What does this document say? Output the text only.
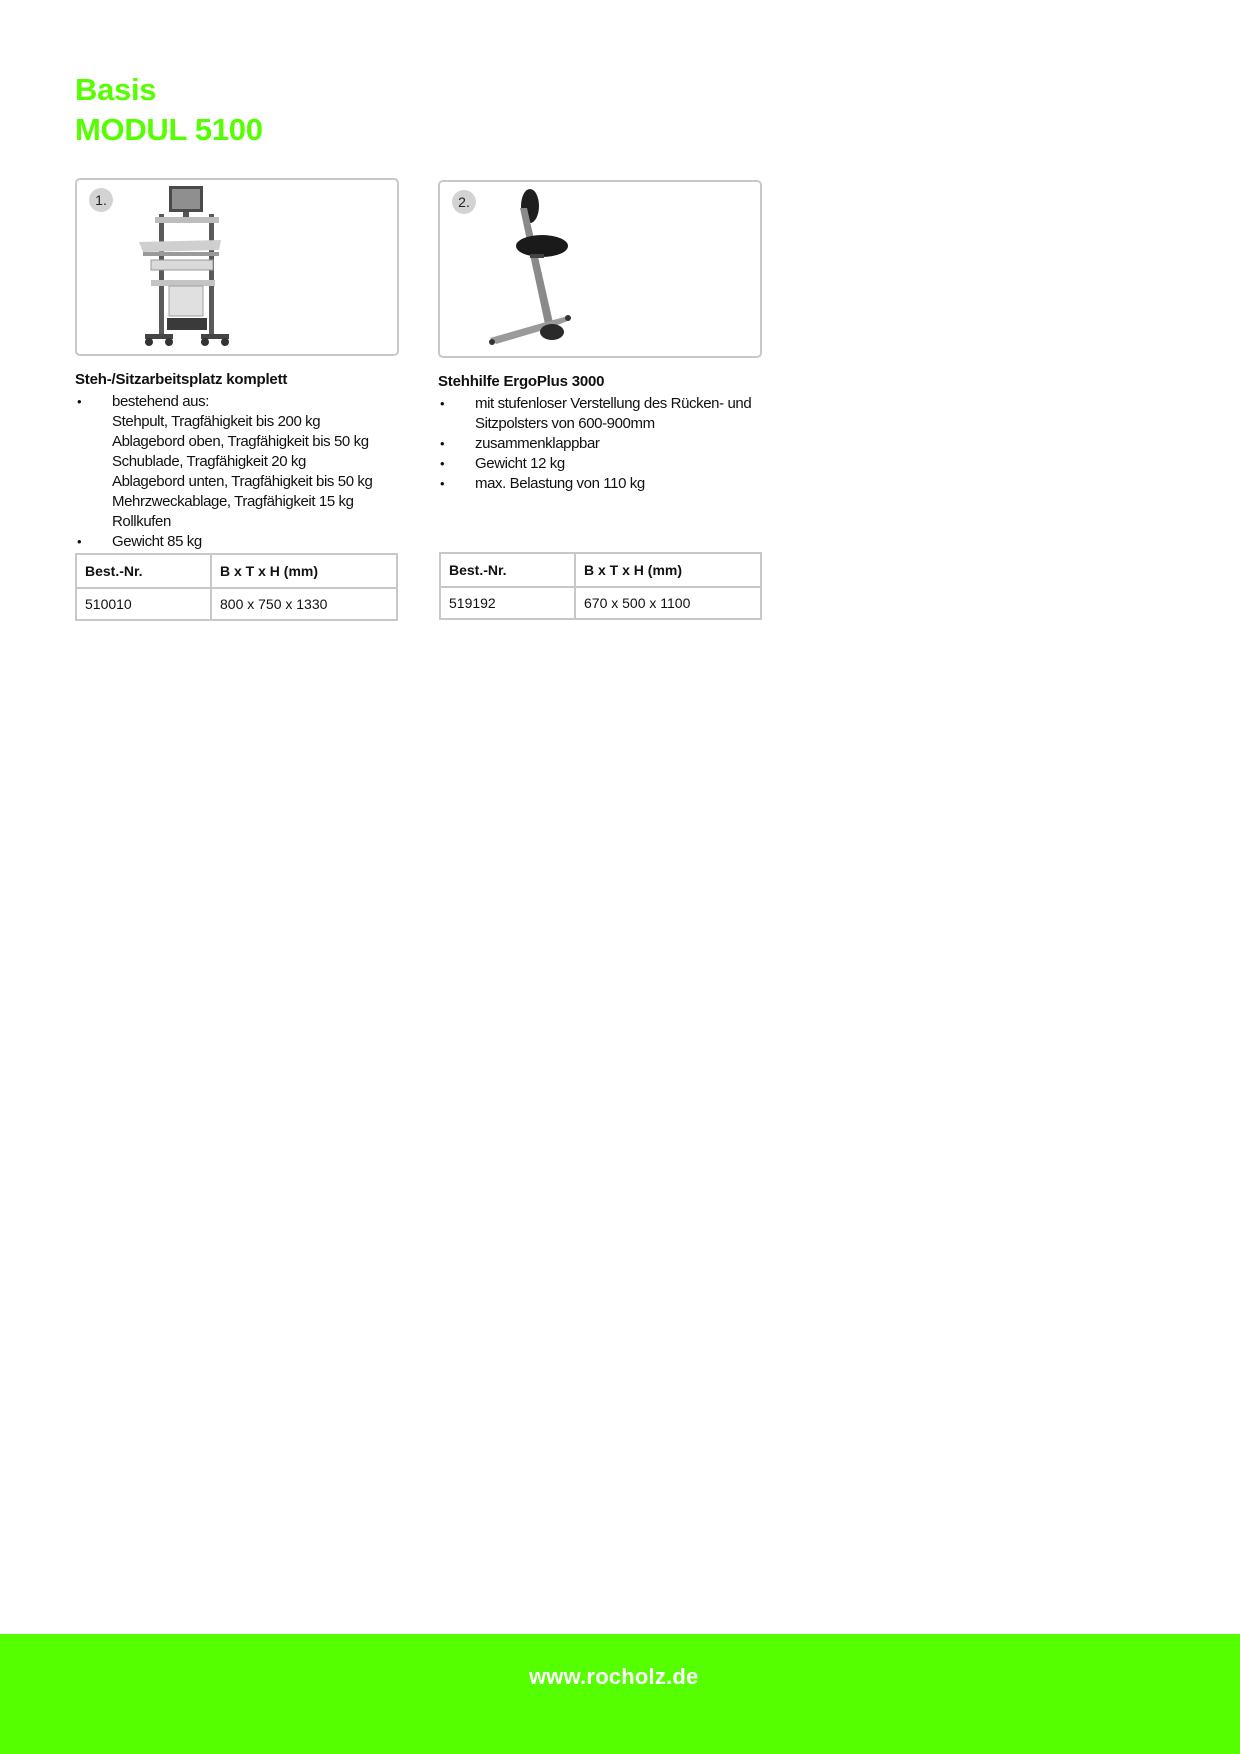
Basis
MODUL 5100
1.
Steh-/Sitzarbeitsplatz komplett
• bestehend aus:
Stehpult, Tragfähigkeit bis 200 kg
Ablagebord oben, Tragfähigkeit bis 50 kg
Schublade, Tragfähigkeit 20 kg
Ablagebord unten, Tragfähigkeit bis 50 kg
Mehrzweckablage, Tragfähigkeit 15 kg
Rollkufen
• Gewicht 85 kg
Best.-Nr.	B x T x H (mm)
510010	800 x 750 x 1330
2.
Stehhilfe ErgoPlus 3000
• mit stufenloser Verstellung des Rücken- und
Sitzpolsters von 600-900mm
• zusammenklappbar
• Gewicht 12 kg
• max. Belastung von 110 kg
Best.-Nr.	B x T x H (mm)
519192	670 x 500 x 1100
www.rocholz.de
